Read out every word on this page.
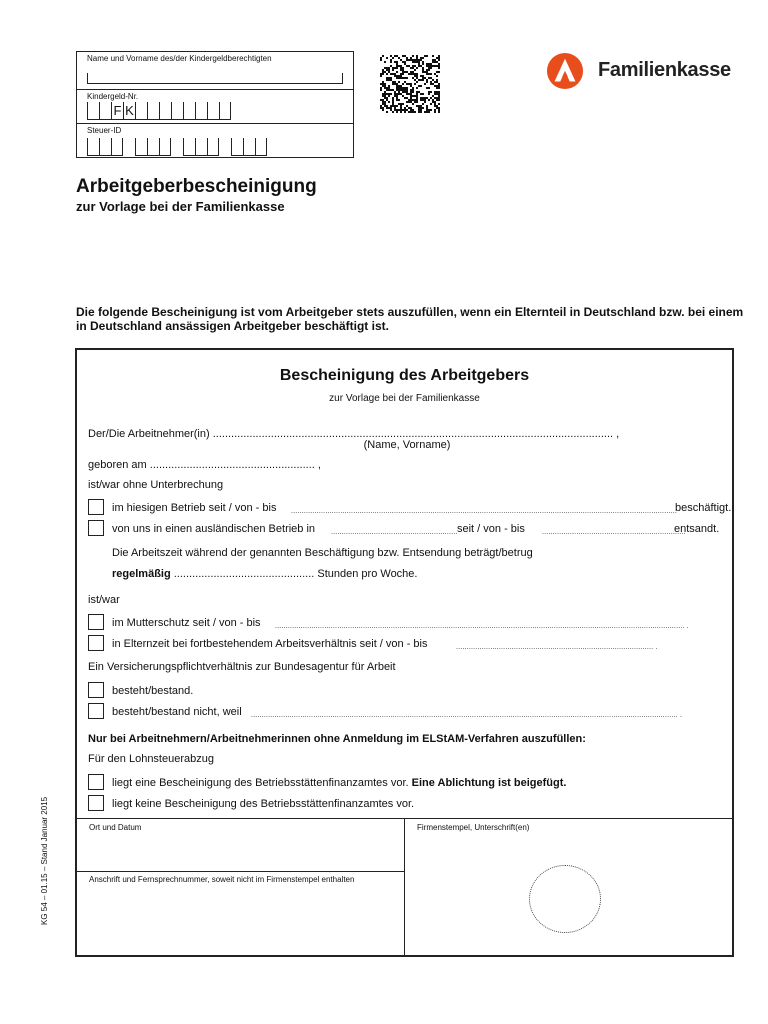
Name und Vorname des/der Kindergeldberechtigten
Kindergeld-Nr.
F K
Steuer-ID
Familienkasse
Arbeitgeberbescheinigung
zur Vorlage bei der Familienkasse
Die folgende Bescheinigung ist vom Arbeitgeber stets auszufüllen, wenn ein Elternteil in Deutschland bzw. bei einem in Deutschland ansässigen Arbeitgeber beschäftigt ist.
Bescheinigung des Arbeitgebers
zur Vorlage bei der Familienkasse
Der/Die Arbeitnehmer(in) ................................................................................................................................... ,
(Name, Vorname)
geboren am ...................................................... ,
ist/war ohne Unterbrechung
im hiesigen Betrieb seit / von - bis ....................................................................................................................................................................................
beschäftigt.
von uns in einen ausländischen Betrieb in ........................................................... seit / von - bis ...................................................................
entsandt.
Die Arbeitszeit während der genannten Beschäftigung bzw. Entsendung beträgt/betrug
regelmäßig .............................................. Stunden pro Woche.
ist/war
im Mutterschutz seit / von - bis ............................................................................................................................................................................................... .
in Elternzeit bei fortbestehendem Arbeitsverhältnis seit / von - bis	............................................................................................ .
Ein Versicherungspflichtverhältnis zur Bundesagentur für Arbeit
besteht/bestand.
besteht/bestand nicht, weil ....................................................................................................................................................................................................... .
Nur bei Arbeitnehmern/Arbeitnehmerinnen ohne Anmeldung im ELStAM-Verfahren auszufüllen:
Für den Lohnsteuerabzug
liegt eine Bescheinigung des Betriebsstättenfinanzamtes vor. Eine Ablichtung ist beigefügt.
liegt keine Bescheinigung des Betriebsstättenfinanzamtes vor.
Ort und Datum
Anschrift und Fernsprechnummer, soweit nicht im Firmenstempel enthalten
Firmenstempel, Unterschrift(en)
KG 54 – 01.15 – Stand Januar 2015
